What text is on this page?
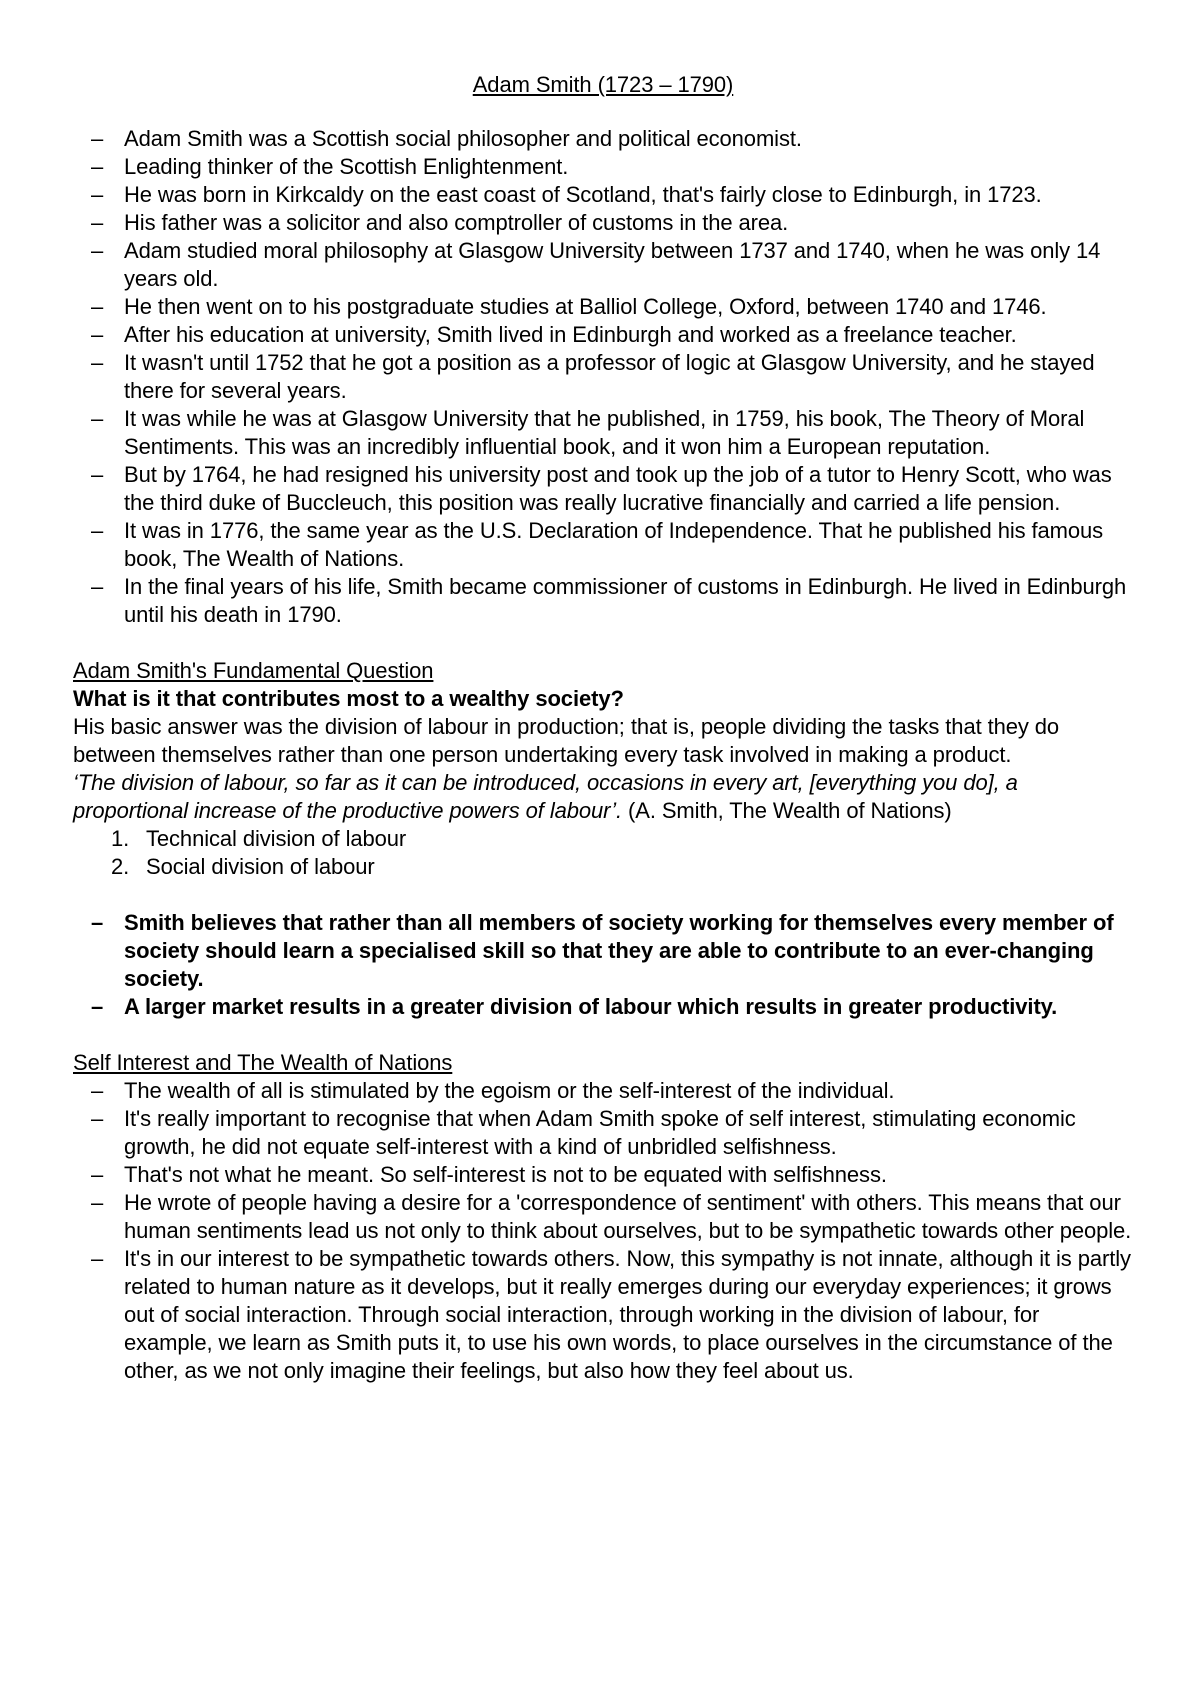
Adam Smith (1723 – 1790)
– Adam Smith was a Scottish social philosopher and political economist.
– Leading thinker of the Scottish Enlightenment.
– He was born in Kirkcaldy on the east coast of Scotland, that's fairly close to Edinburgh, in 1723.
– His father was a solicitor and also comptroller of customs in the area.
– Adam studied moral philosophy at Glasgow University between 1737 and 1740, when he was only 14 years old.
– He then went on to his postgraduate studies at Balliol College, Oxford, between 1740 and 1746.
– After his education at university, Smith lived in Edinburgh and worked as a freelance teacher.
– It wasn't until 1752 that he got a position as a professor of logic at Glasgow University, and he stayed there for several years.
– It was while he was at Glasgow University that he published, in 1759, his book, The Theory of Moral Sentiments. This was an incredibly influential book, and it won him a European reputation.
– But by 1764, he had resigned his university post and took up the job of a tutor to Henry Scott, who was the third duke of Buccleuch, this position was really lucrative financially and carried a life pension.
– It was in 1776, the same year as the U.S. Declaration of Independence. That he published his famous book, The Wealth of Nations.
– In the final years of his life, Smith became commissioner of customs in Edinburgh. He lived in Edinburgh until his death in 1790.
Adam Smith's Fundamental Question
What is it that contributes most to a wealthy society?

His basic answer was the division of labour in production; that is, people dividing the tasks that they do between themselves rather than one person undertaking every task involved in making a product.

‘The division of labour, so far as it can be introduced, occasions in every art, [everything you do], a proportional increase of the productive powers of labour’. (A. Smith, The Wealth of Nations)

1. Technical division of labour
2. Social division of labour
– Smith believes that rather than all members of society working for themselves every member of society should learn a specialised skill so that they are able to contribute to an ever-changing society.
– A larger market results in a greater division of labour which results in greater productivity.
Self Interest and The Wealth of Nations
– The wealth of all is stimulated by the egoism or the self-interest of the individual.
– It's really important to recognise that when Adam Smith spoke of self interest, stimulating economic growth, he did not equate self-interest with a kind of unbridled selfishness.
– That's not what he meant. So self-interest is not to be equated with selfishness.
– He wrote of people having a desire for a 'correspondence of sentiment' with others. This means that our human sentiments lead us not only to think about ourselves, but to be sympathetic towards other people.
– It's in our interest to be sympathetic towards others. Now, this sympathy is not innate, although it is partly related to human nature as it develops, but it really emerges during our everyday experiences; it grows out of social interaction. Through social interaction, through working in the division of labour, for example, we learn as Smith puts it, to use his own words, to place ourselves in the circumstance of the other, as we not only imagine their feelings, but also how they feel about us.
